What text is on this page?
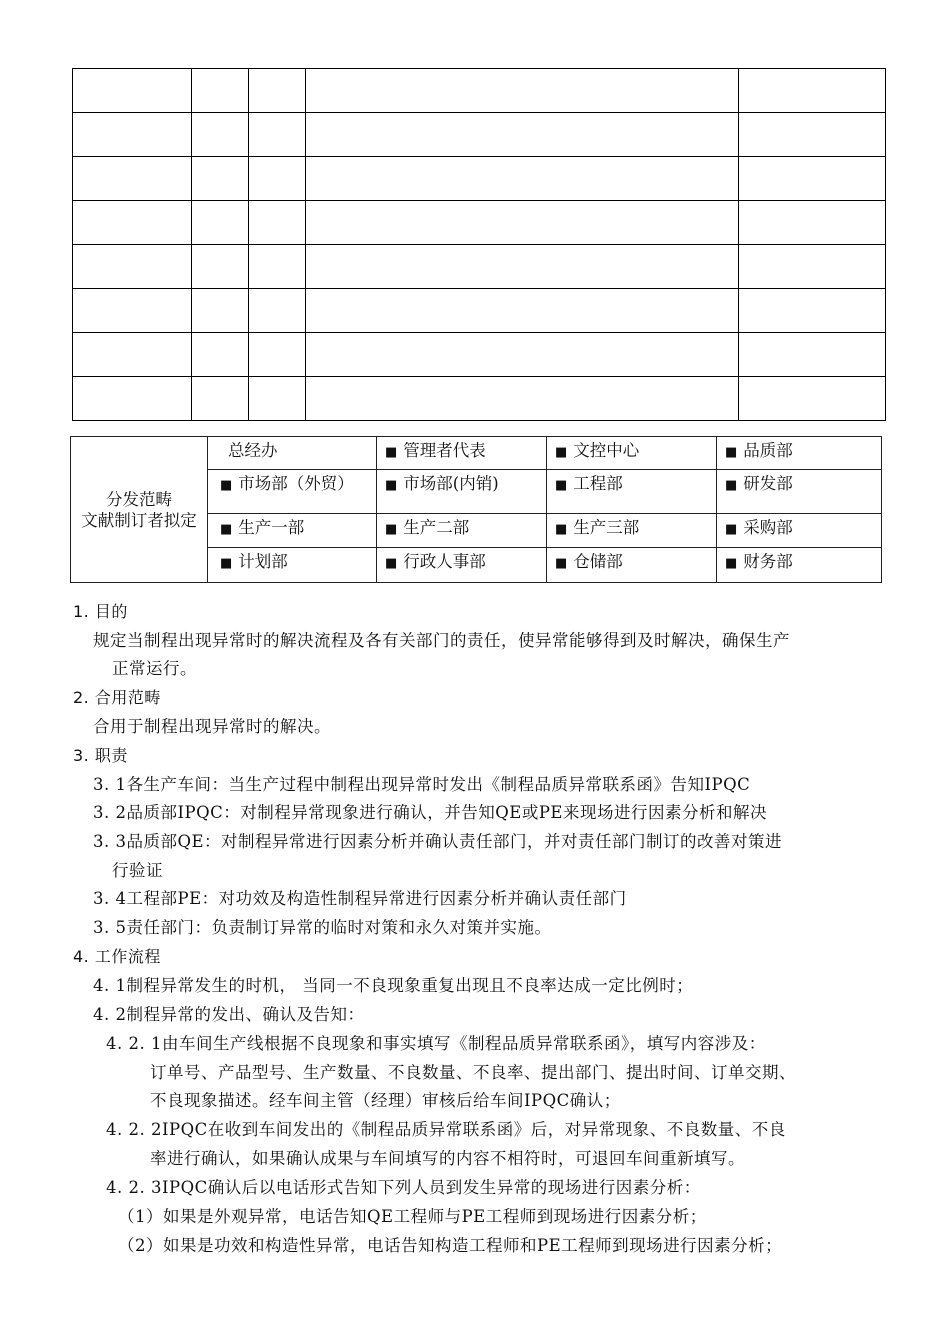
分发范畴
文献制订者拟定	总经办	■ 管理者代表	■ 文控中心	■ 品质部
	■ 市场部（外贸）	■ 市场部(内销)	■ 工程部	■ 研发部
	■ 生产一部	■ 生产二部	■ 生产三部	■ 采购部
	■ 计划部	■ 行政人事部	■ 仓储部	■ 财务部
1. 目的
规定当制程出现异常时的解决流程及各有关部门的责任，使异常能够得到及时解决，确保生产
正常运行。
2. 合用范畴
合用于制程出现异常时的解决。
3. 职责
3. 1各生产车间：当生产过程中制程出现异常时发出《制程品质异常联系函》告知IPQC
3. 2品质部IPQC：对制程异常现象进行确认，并告知QE或PE来现场进行因素分析和解决
3. 3品质部QE：对制程异常进行因素分析并确认责任部门，并对责任部门制订的改善对策进
行验证
3. 4工程部PE：对功效及构造性制程异常进行因素分析并确认责任部门
3. 5责任部门：负责制订异常的临时对策和永久对策并实施。
4. 工作流程
4. 1制程异常发生的时机， 当同一不良现象重复出现且不良率达成一定比例时；
4. 2制程异常的发出、确认及告知：
4. 2. 1由车间生产线根据不良现象和事实填写《制程品质异常联系函》，填写内容涉及：
订单号、产品型号、生产数量、不良数量、不良率、提出部门、提出时间、订单交期、
不良现象描述。经车间主管（经理）审核后给车间IPQC确认；
4. 2. 2IPQC在收到车间发出的《制程品质异常联系函》后，对异常现象、不良数量、不良
率进行确认，如果确认成果与车间填写的内容不相符时，可退回车间重新填写。
4. 2. 3IPQC确认后以电话形式告知下列人员到发生异常的现场进行因素分析：
（1）如果是外观异常，电话告知QE工程师与PE工程师到现场进行因素分析；
（2）如果是功效和构造性异常，电话告知构造工程师和PE工程师到现场进行因素分析；
